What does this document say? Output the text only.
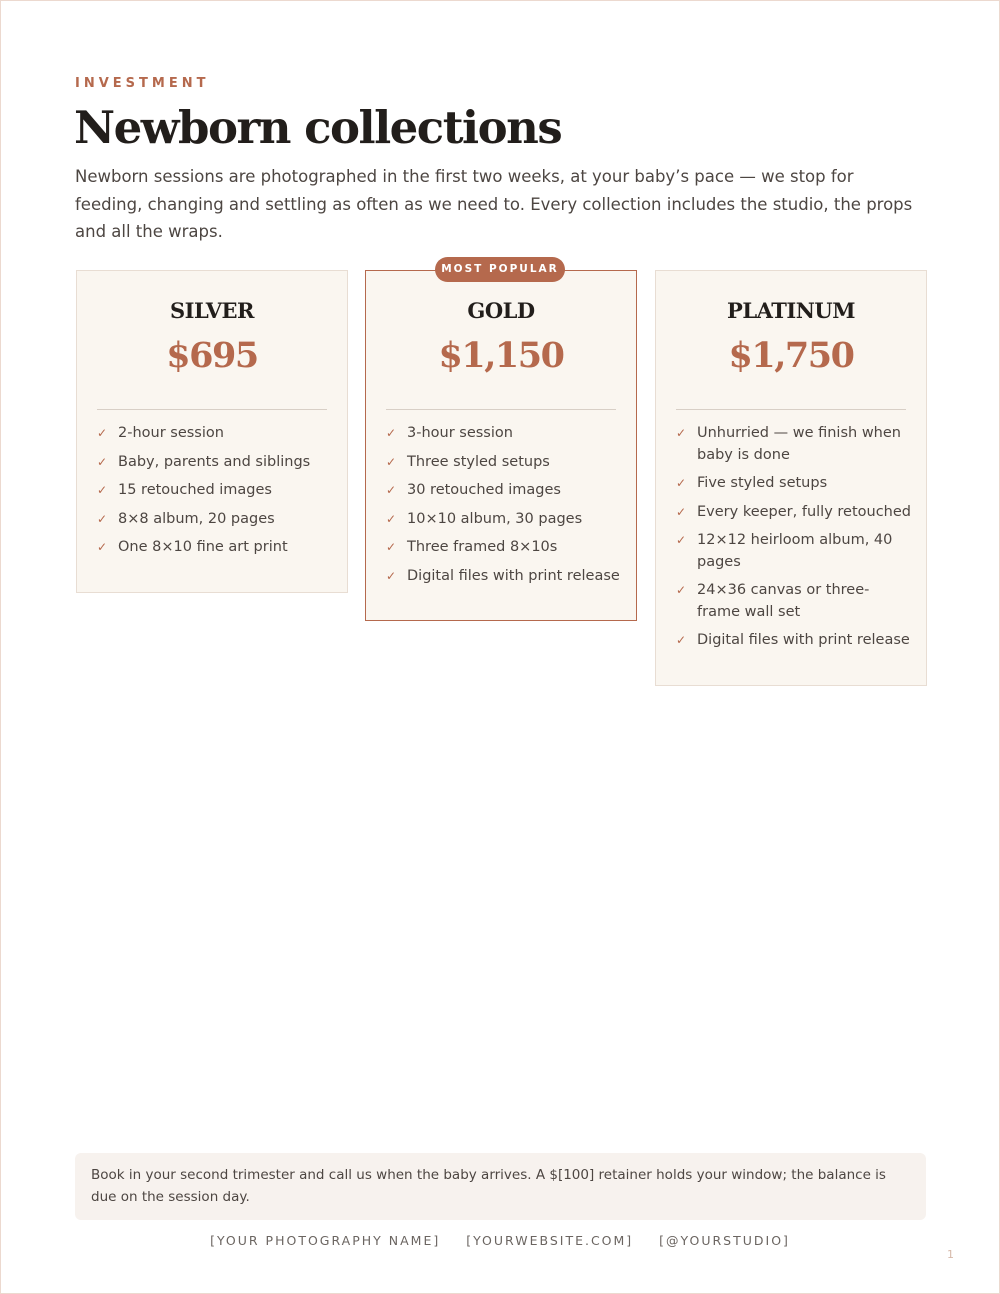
INVESTMENT
Newborn collections

Newborn sessions are photographed in the first two weeks, at your baby’s pace — we stop for feeding, changing and settling as often as we need to. Every collection includes the studio, the props and all the wraps.

SILVER
$695
✓ 2-hour session
✓ Baby, parents and siblings
✓ 15 retouched images
✓ 8×8 album, 20 pages
✓ One 8×10 fine art print
GOLD
$1,150
✓ 3-hour session
✓ Three styled setups
✓ 30 retouched images
✓ 10×10 album, 30 pages
✓ Three framed 8×10s
✓ Digital files with print release
MOST POPULAR
PLATINUM
$1,750
✓ Unhurried — we finish when baby is done
✓ Five styled setups
✓ Every keeper, fully retouched
✓ 12×12 heirloom album, 40 pages
✓ 24×36 canvas or three-frame wall set
✓ Digital files with print release
Book in your second trimester and call us when the baby arrives. A $[100] retainer holds your window; the balance is due on the session day.
[YOUR PHOTOGRAPHY NAME] [YOURWEBSITE.COM] [@YOURSTUDIO]
1
